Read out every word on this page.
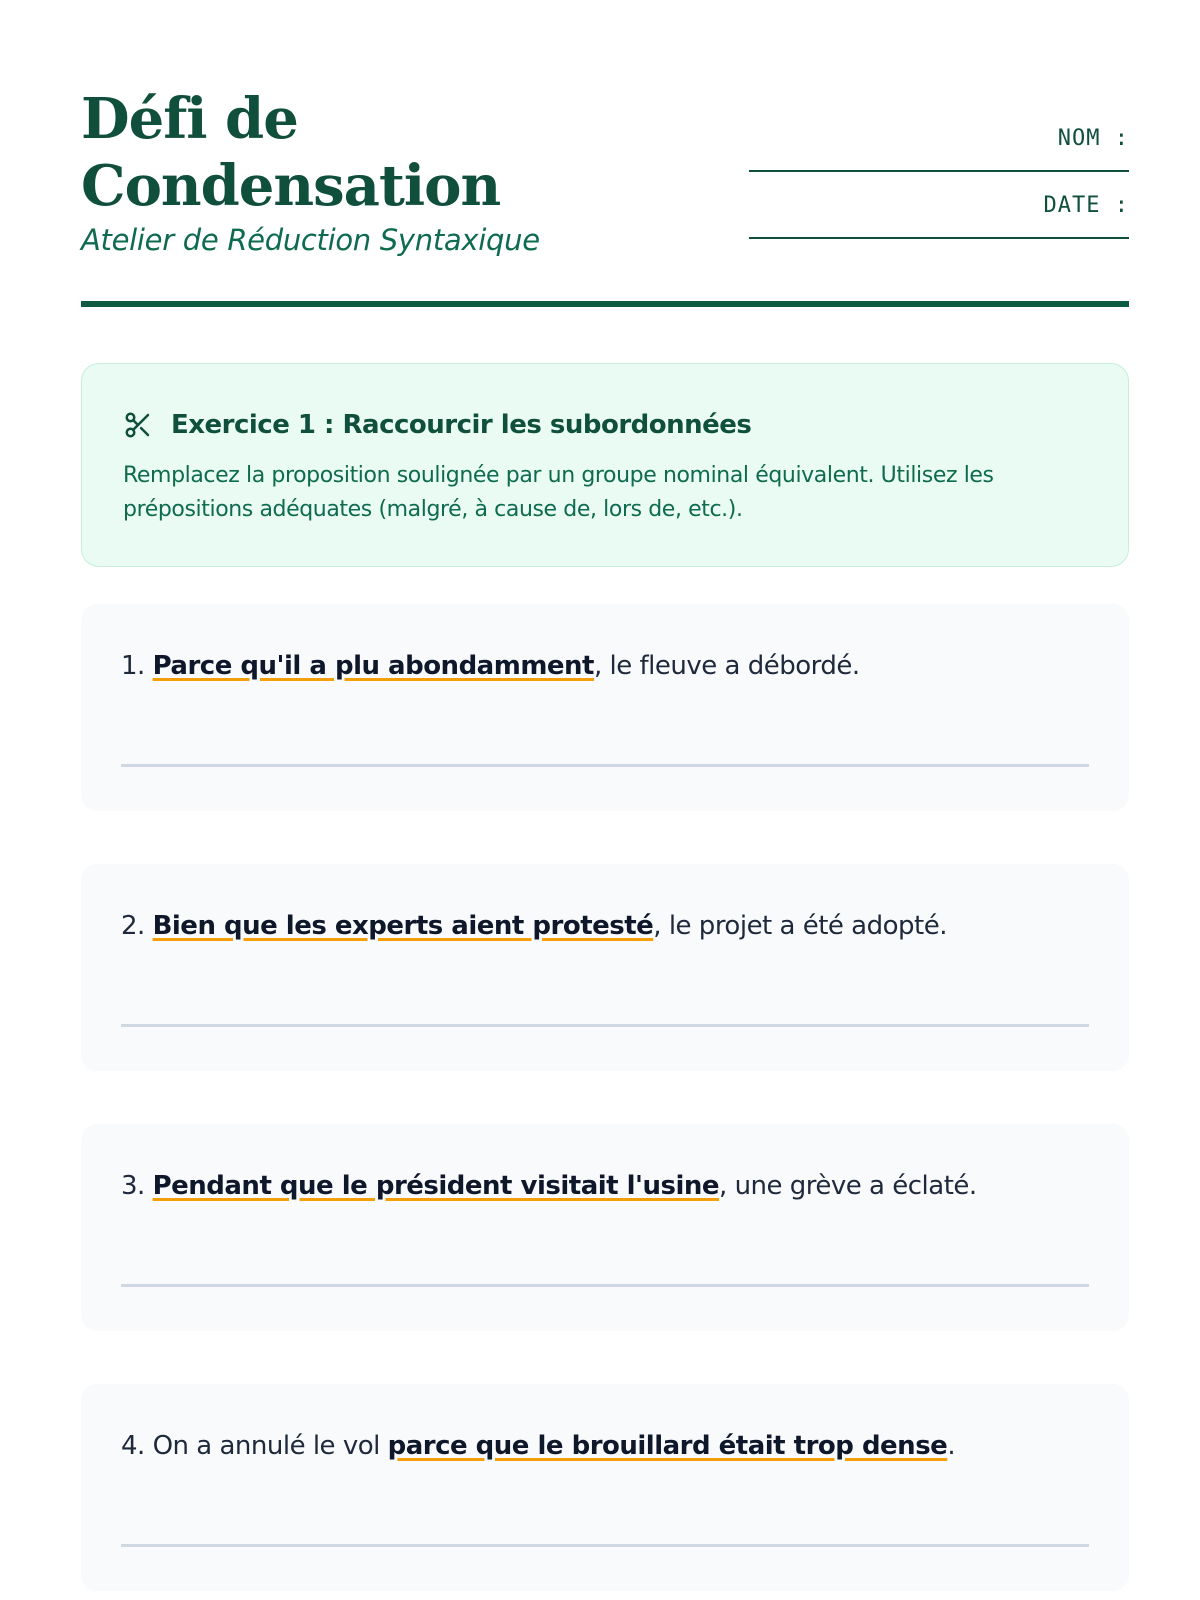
Défi de
Condensation
Atelier de Réduction Syntaxique
NOM :
DATE :
Exercice 1 : Raccourcir les subordonnées

Remplacez la proposition soulignée par un groupe nominal équivalent. Utilisez les prépositions adéquates (malgré, à cause de, lors de, etc.).

1. Parce qu'il a plu abondamment, le fleuve a débordé.

2. Bien que les experts aient protesté, le projet a été adopté.

3. Pendant que le président visitait l'usine, une grève a éclaté.

4. On a annulé le vol parce que le brouillard était trop dense.
